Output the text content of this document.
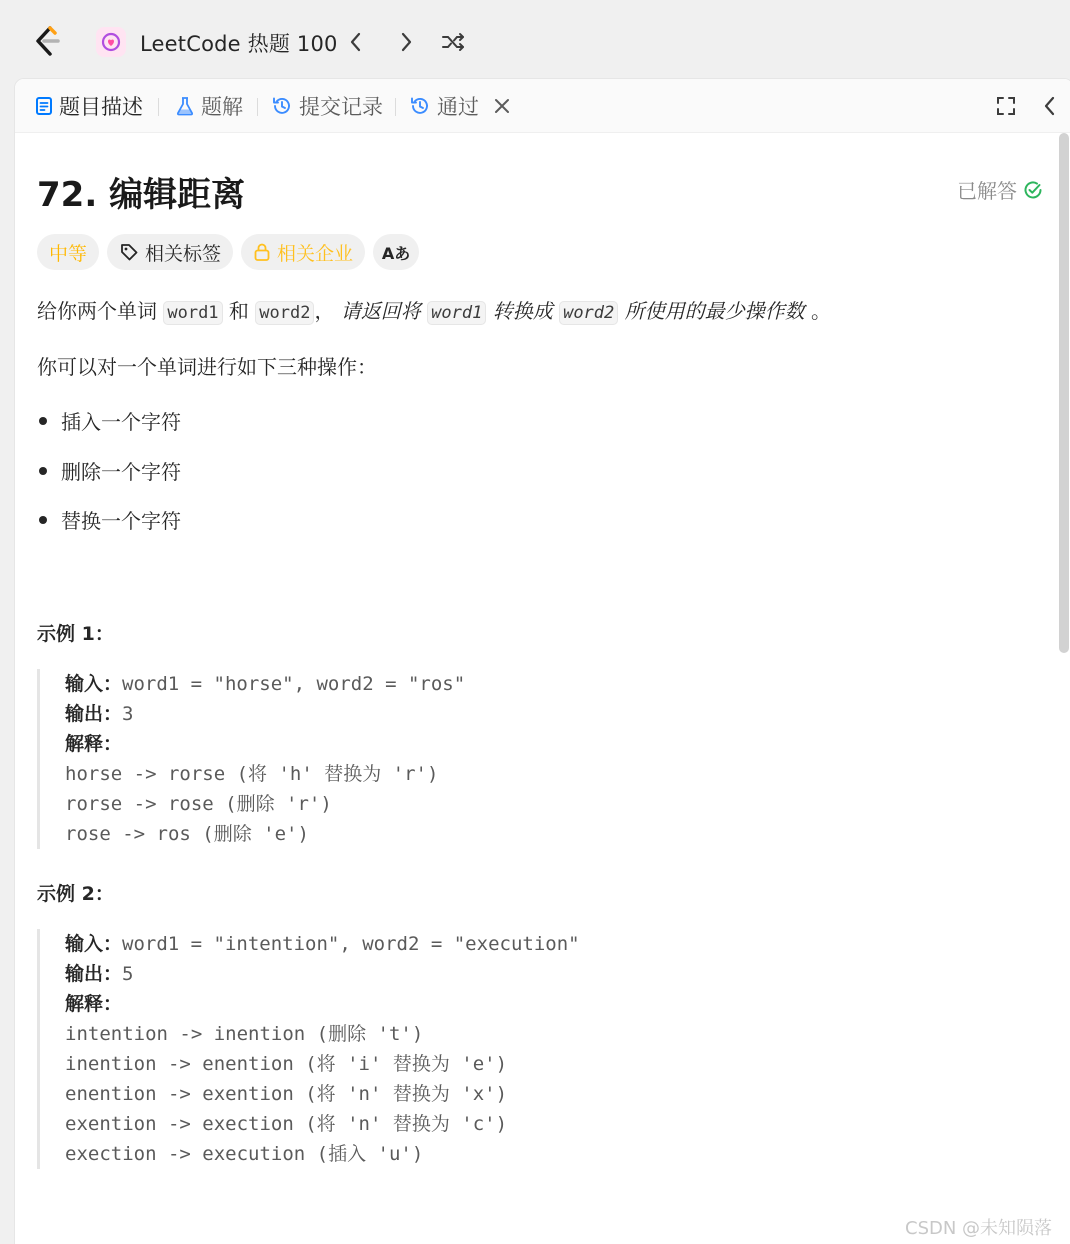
LeetCode 热题 100
题目描述	题解	提交记录	通过
72. 编辑距离	已解答
中等	相关标签	相关企业 Aあ
给你两个单词 word1 和 word2 ， 请返回将 word1 转换成 word2 所使用的最少操作数 。
你可以对一个单词进行如下三种操作：
插入一个字符
删除一个字符
替换一个字符
示例 1：
输入：word1 = "horse", word2 = "ros"
输出：3
解释：
horse -> rorse (将 'h' 替换为 'r')
rorse -> rose (删除 'r')
rose -> ros (删除 'e')
示例 2：
输入：word1 = "intention", word2 = "execution"
输出：5
解释：
intention -> inention (删除 't')
inention -> enention (将 'i' 替换为 'e')
enention -> exention (将 'n' 替换为 'x')
exention -> exection (将 'n' 替换为 'c')
exection -> execution (插入 'u')
CSDN @未知陨落
